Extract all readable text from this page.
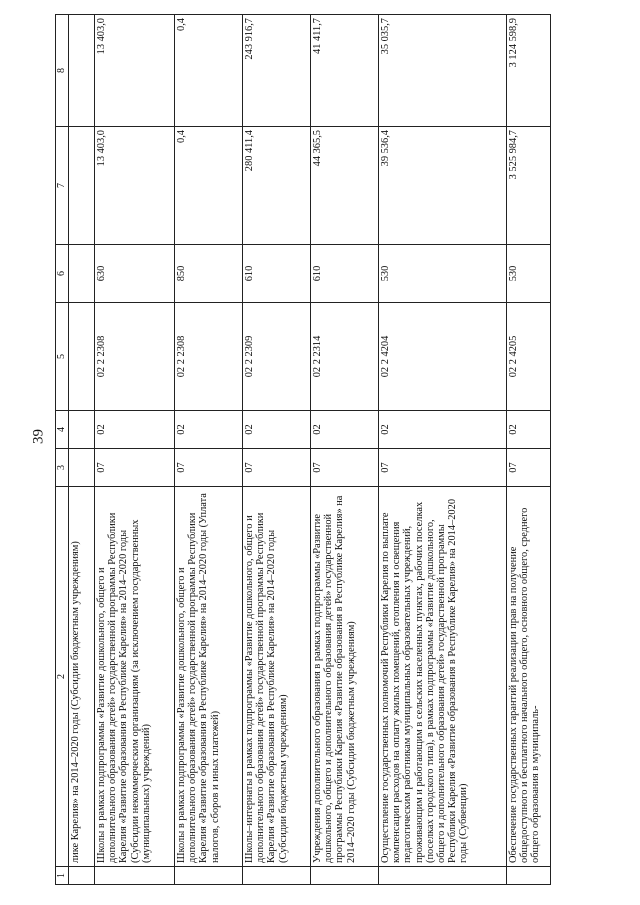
39
1	2	3	4	5	6	7	8
	лике Карелия» на 2014–2020 годы (Субсидии бюджетным учреждениям)						
	Школы в рамках подпрограммы «Развитие дошкольного, общего и дополнительного образования детей» государственной программы Республики Карелия «Развитие образования в Республике Карелия» на 2014–2020 годы (Субсидии некоммерческим организациям (за исключением государственных (муниципальных) учреждений)	07	02	02 2 2308	630	13 403,0	13 403,0
	Школы в рамках подпрограммы «Развитие дошкольного, общего и дополнительного образования детей» государственной программы Республики Карелия «Развитие образования в Республике Карелия» на 2014–2020 годы (Уплата налогов, сборов и иных платежей)	07	02	02 2 2308	850	0,4	0,4
	Школы–интернаты в рамках подпрограммы «Развитие дошкольного, общего и дополнительного образования детей» государственной программы Республики Карелия «Развитие образования в Республике Карелия» на 2014–2020 годы (Субсидии бюджетным учреждениям)	07	02	02 2 2309	610	280 411,4	243 916,7
	Учреждения дополнительного образования в рамках подпрограммы «Развитие дошкольного, общего и дополнительного образования детей» государственной программы Республики Карелия «Развитие образования в Республике Карелия» на 2014–2020 годы (Субсидии бюджетным учреждениям)	07	02	02 2 2314	610	44 365,5	41 411,7
	Осуществление государственных полномочий Республики Карелия по выплате компенсации расходов на оплату жилых помещений, отопления и освещения педагогическим работникам муниципальных образовательных учреждений, проживающим и работающим в сельских населенных пунктах, рабочих поселках (поселках городского типа), в рамках подпрограммы «Развитие дошкольного, общего и дополнительного образования детей» государственной программы Республики Карелия «Развитие образования в Республике Карелия» на 2014–2020 годы (Субвенции)	07	02	02 2 4204	530	39 536,4	35 035,7
	Обеспечение государственных гарантий реализации прав на получение общедоступного и бесплатного начального общего, основного общего, среднего общего образования в муниципаль-	07	02	02 2 4205	530	3 525 984,7	3 124 598,9
